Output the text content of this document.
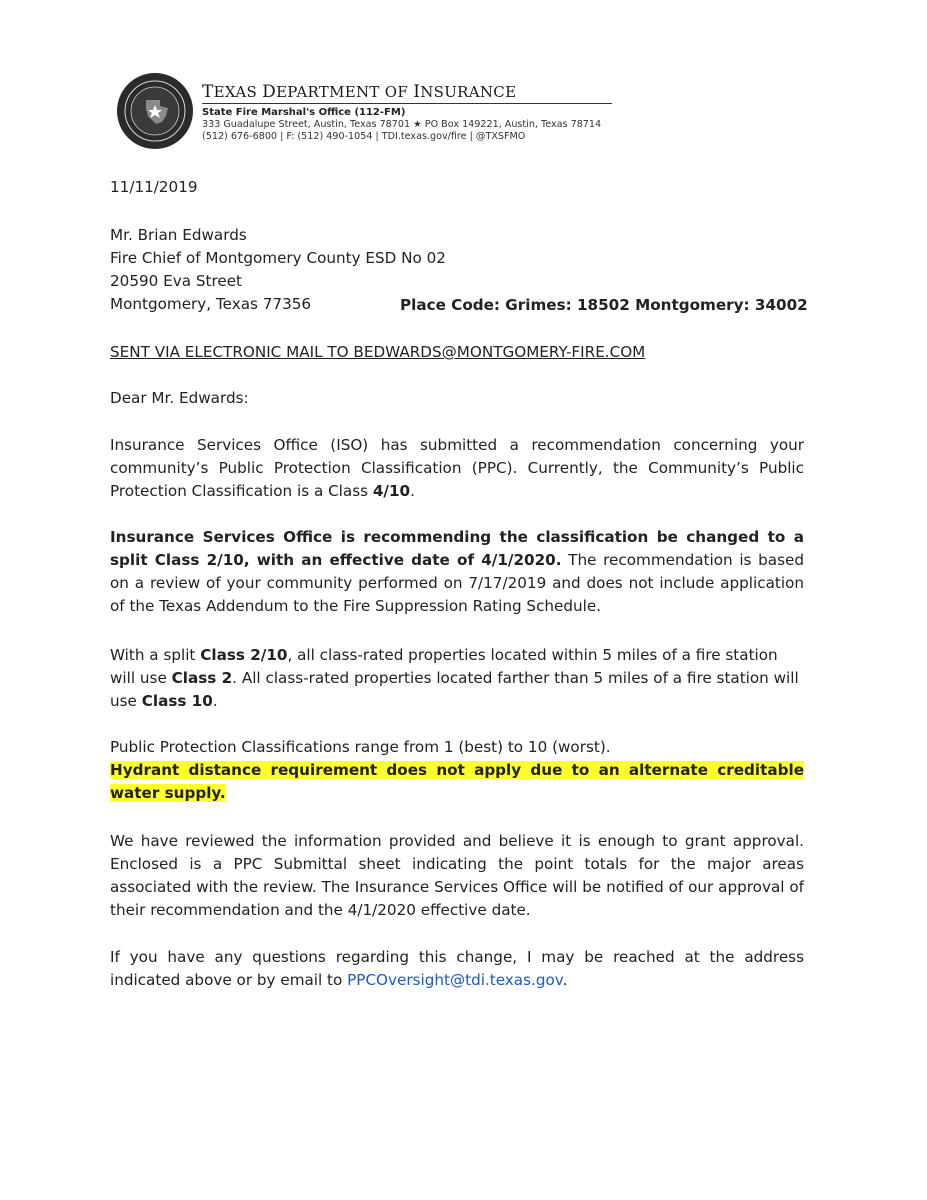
TEXAS DEPARTMENT OF INSURANCE
State Fire Marshal's Office (112-FM)
333 Guadalupe Street, Austin, Texas 78701 ★ PO Box 149221, Austin, Texas 78714
(512) 676-6800 | F: (512) 490-1054 | TDI.texas.gov/fire | @TXSFMO
11/11/2019
Mr. Brian Edwards
Fire Chief of Montgomery County ESD No 02
20590 Eva Street
Montgomery, Texas 77356	Place Code: Grimes: 18502 Montgomery: 34002
SENT VIA ELECTRONIC MAIL TO BEDWARDS@MONTGOMERY-FIRE.COM
Dear Mr. Edwards:
Insurance Services Office (ISO) has submitted a recommendation concerning your community’s Public Protection Classification (PPC). Currently, the Community’s Public Protection Classification is a Class 4/10.
Insurance Services Office is recommending the classification be changed to a split Class 2/10, with an effective date of 4/1/2020. The recommendation is based on a review of your community performed on 7/17/2019 and does not include application of the Texas Addendum to the Fire Suppression Rating Schedule.
With a split Class 2/10, all class-rated properties located within 5 miles of a fire station will use Class 2. All class-rated properties located farther than 5 miles of a fire station will use Class 10.
Public Protection Classifications range from 1 (best) to 10 (worst).
Hydrant distance requirement does not apply due to an alternate creditable water supply.
We have reviewed the information provided and believe it is enough to grant approval. Enclosed is a PPC Submittal sheet indicating the point totals for the major areas associated with the review. The Insurance Services Office will be notified of our approval of their recommendation and the 4/1/2020 effective date.
If you have any questions regarding this change, I may be reached at the address indicated above or by email to PPCOversight@tdi.texas.gov.
